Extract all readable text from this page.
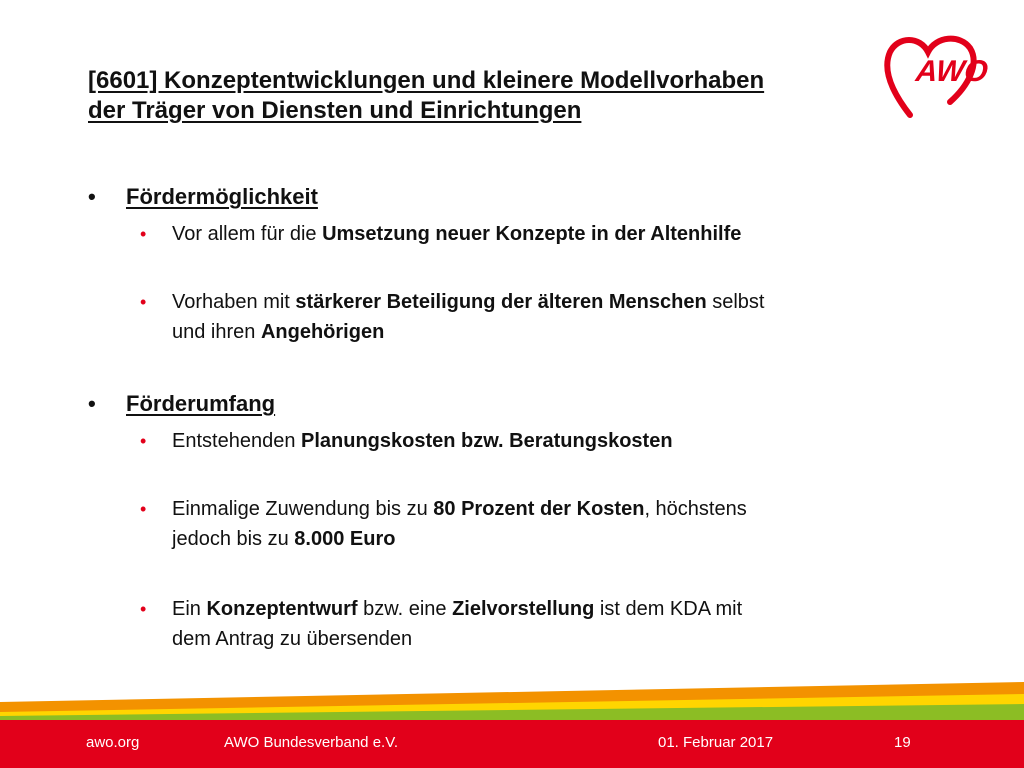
[6601] Konzeptentwicklungen und kleinere Modellvorhaben
der Träger von Diensten und Einrichtungen
AWO
•	Fördermöglichkeit
•	Vor allem für die Umsetzung neuer Konzepte in der Altenhilfe
•	Vorhaben mit stärkerer Beteiligung der älteren Menschen selbst
und ihren Angehörigen
•	Förderumfang
•	Entstehenden Planungskosten bzw. Beratungskosten
•	Einmalige Zuwendung bis zu 80 Prozent der Kosten, höchstens
jedoch bis zu 8.000 Euro
•	Ein Konzeptentwurf bzw. eine Zielvorstellung ist dem KDA mit
dem Antrag zu übersenden
awo.org	AWO Bundesverband e.V.	01. Februar 2017	19
